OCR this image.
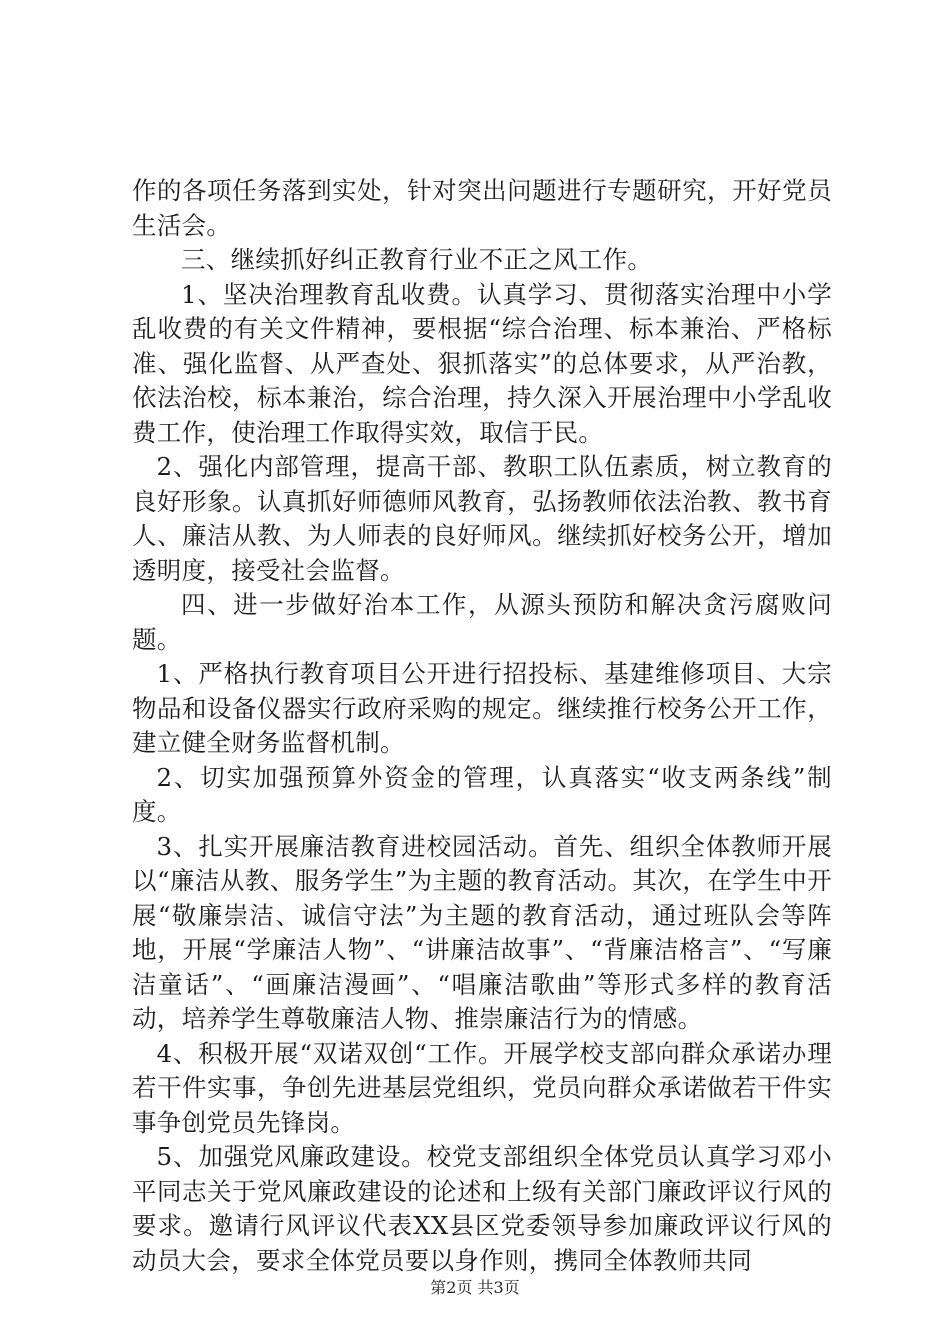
作的各项任务落到实处，针对突出问题进行专题研究，开好党员生活会。

三、继续抓好纠正教育行业不正之风工作。

1、坚决治理教育乱收费。认真学习、贯彻落实治理中小学乱收费的有关文件精神，要根据“综合治理、标本兼治、严格标准、强化监督、从严查处、狠抓落实”的总体要求，从严治教，依法治校，标本兼治，综合治理，持久深入开展治理中小学乱收费工作，使治理工作取得实效，取信于民。

2、强化内部管理，提高干部、教职工队伍素质，树立教育的良好形象。认真抓好师德师风教育，弘扬教师依法治教、教书育人、廉洁从教、为人师表的良好师风。继续抓好校务公开，增加透明度，接受社会监督。

四、进一步做好治本工作，从源头预防和解决贪污腐败问题。

1、严格执行教育项目公开进行招投标、基建维修项目、大宗物品和设备仪器实行政府采购的规定。继续推行校务公开工作，建立健全财务监督机制。

2、切实加强预算外资金的管理，认真落实“收支两条线”制度。

3、扎实开展廉洁教育进校园活动。首先、组织全体教师开展以“廉洁从教、服务学生”为主题的教育活动。其次，在学生中开展“敬廉崇洁、诚信守法”为主题的教育活动，通过班队会等阵地，开展“学廉洁人物”、“讲廉洁故事”、“背廉洁格言”、“写廉洁童话”、“画廉洁漫画”、“唱廉洁歌曲”等形式多样的教育活动，培养学生尊敬廉洁人物、推崇廉洁行为的情感。

4、积极开展“双诺双创“工作。开展学校支部向群众承诺办理若干件实事，争创先进基层党组织，党员向群众承诺做若干件实事争创党员先锋岗。

5、加强党风廉政建设。校党支部组织全体党员认真学习邓小平同志关于党风廉政建设的论述和上级有关部门廉政评议行风的要求。邀请行风评议代表XX县区党委领导参加廉政评议行风的动员大会，要求全体党员要以身作则，携同全体教师共同

第2页 共3页
